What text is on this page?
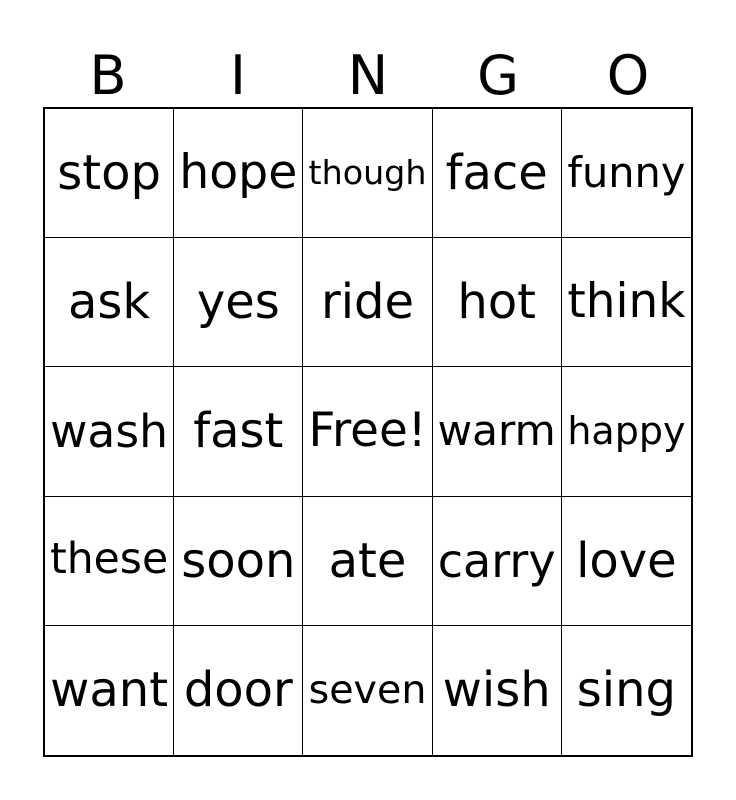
B	I	N	G	O
stop hope though face funny
ask yes ride hot think
wash fast Free! warm happy
these soon ate carry love
want door seven wish sing
